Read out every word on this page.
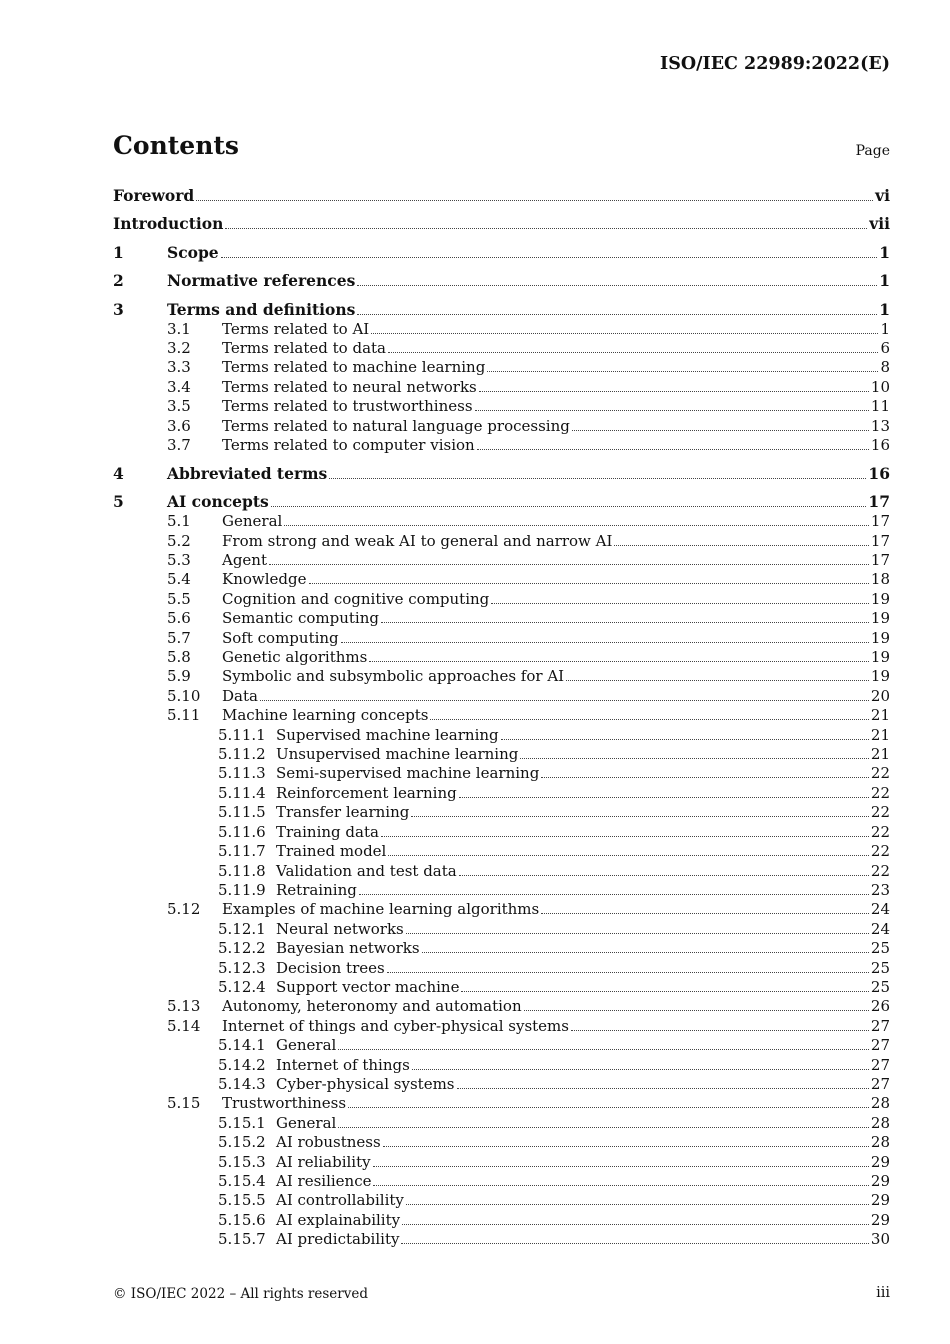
ISO/IEC 22989:2022(E)
Contents	Page
Foreword	vi
Introduction	vii
1	Scope	1
2	Normative references	1
3	Terms and definitions	1
3.1	Terms related to AI	1
3.2	Terms related to data	6
3.3	Terms related to machine learning	8
3.4	Terms related to neural networks	10
3.5	Terms related to trustworthiness	11
3.6	Terms related to natural language processing	13
3.7	Terms related to computer vision	16
4	Abbreviated terms	16
5	AI concepts	17
5.1	General	17
5.2	From strong and weak AI to general and narrow AI	17
5.3	Agent	17
5.4	Knowledge	18
5.5	Cognition and cognitive computing	19
5.6	Semantic computing	19
5.7	Soft computing	19
5.8	Genetic algorithms	19
5.9	Symbolic and subsymbolic approaches for AI	19
5.10	Data	20
5.11	Machine learning concepts	21
5.11.1 Supervised machine learning	21
5.11.2 Unsupervised machine learning	21
5.11.3 Semi-supervised machine learning	22
5.11.4 Reinforcement learning	22
5.11.5 Transfer learning	22
5.11.6 Training data	22
5.11.7 Trained model	22
5.11.8 Validation and test data	22
5.11.9 Retraining	23
5.12	Examples of machine learning algorithms	24
5.12.1 Neural networks	24
5.12.2 Bayesian networks	25
5.12.3 Decision trees	25
5.12.4 Support vector machine	25
5.13	Autonomy, heteronomy and automation	26
5.14	Internet of things and cyber-physical systems	27
5.14.1 General	27
5.14.2 Internet of things	27
5.14.3 Cyber-physical systems	27
5.15	Trustworthiness	28
5.15.1 General	28
5.15.2 AI robustness	28
5.15.3 AI reliability	29
5.15.4 AI resilience	29
5.15.5 AI controllability	29
5.15.6 AI explainability	29
5.15.7 AI predictability	30
© ISO/IEC 2022 – All rights reserved	iii
